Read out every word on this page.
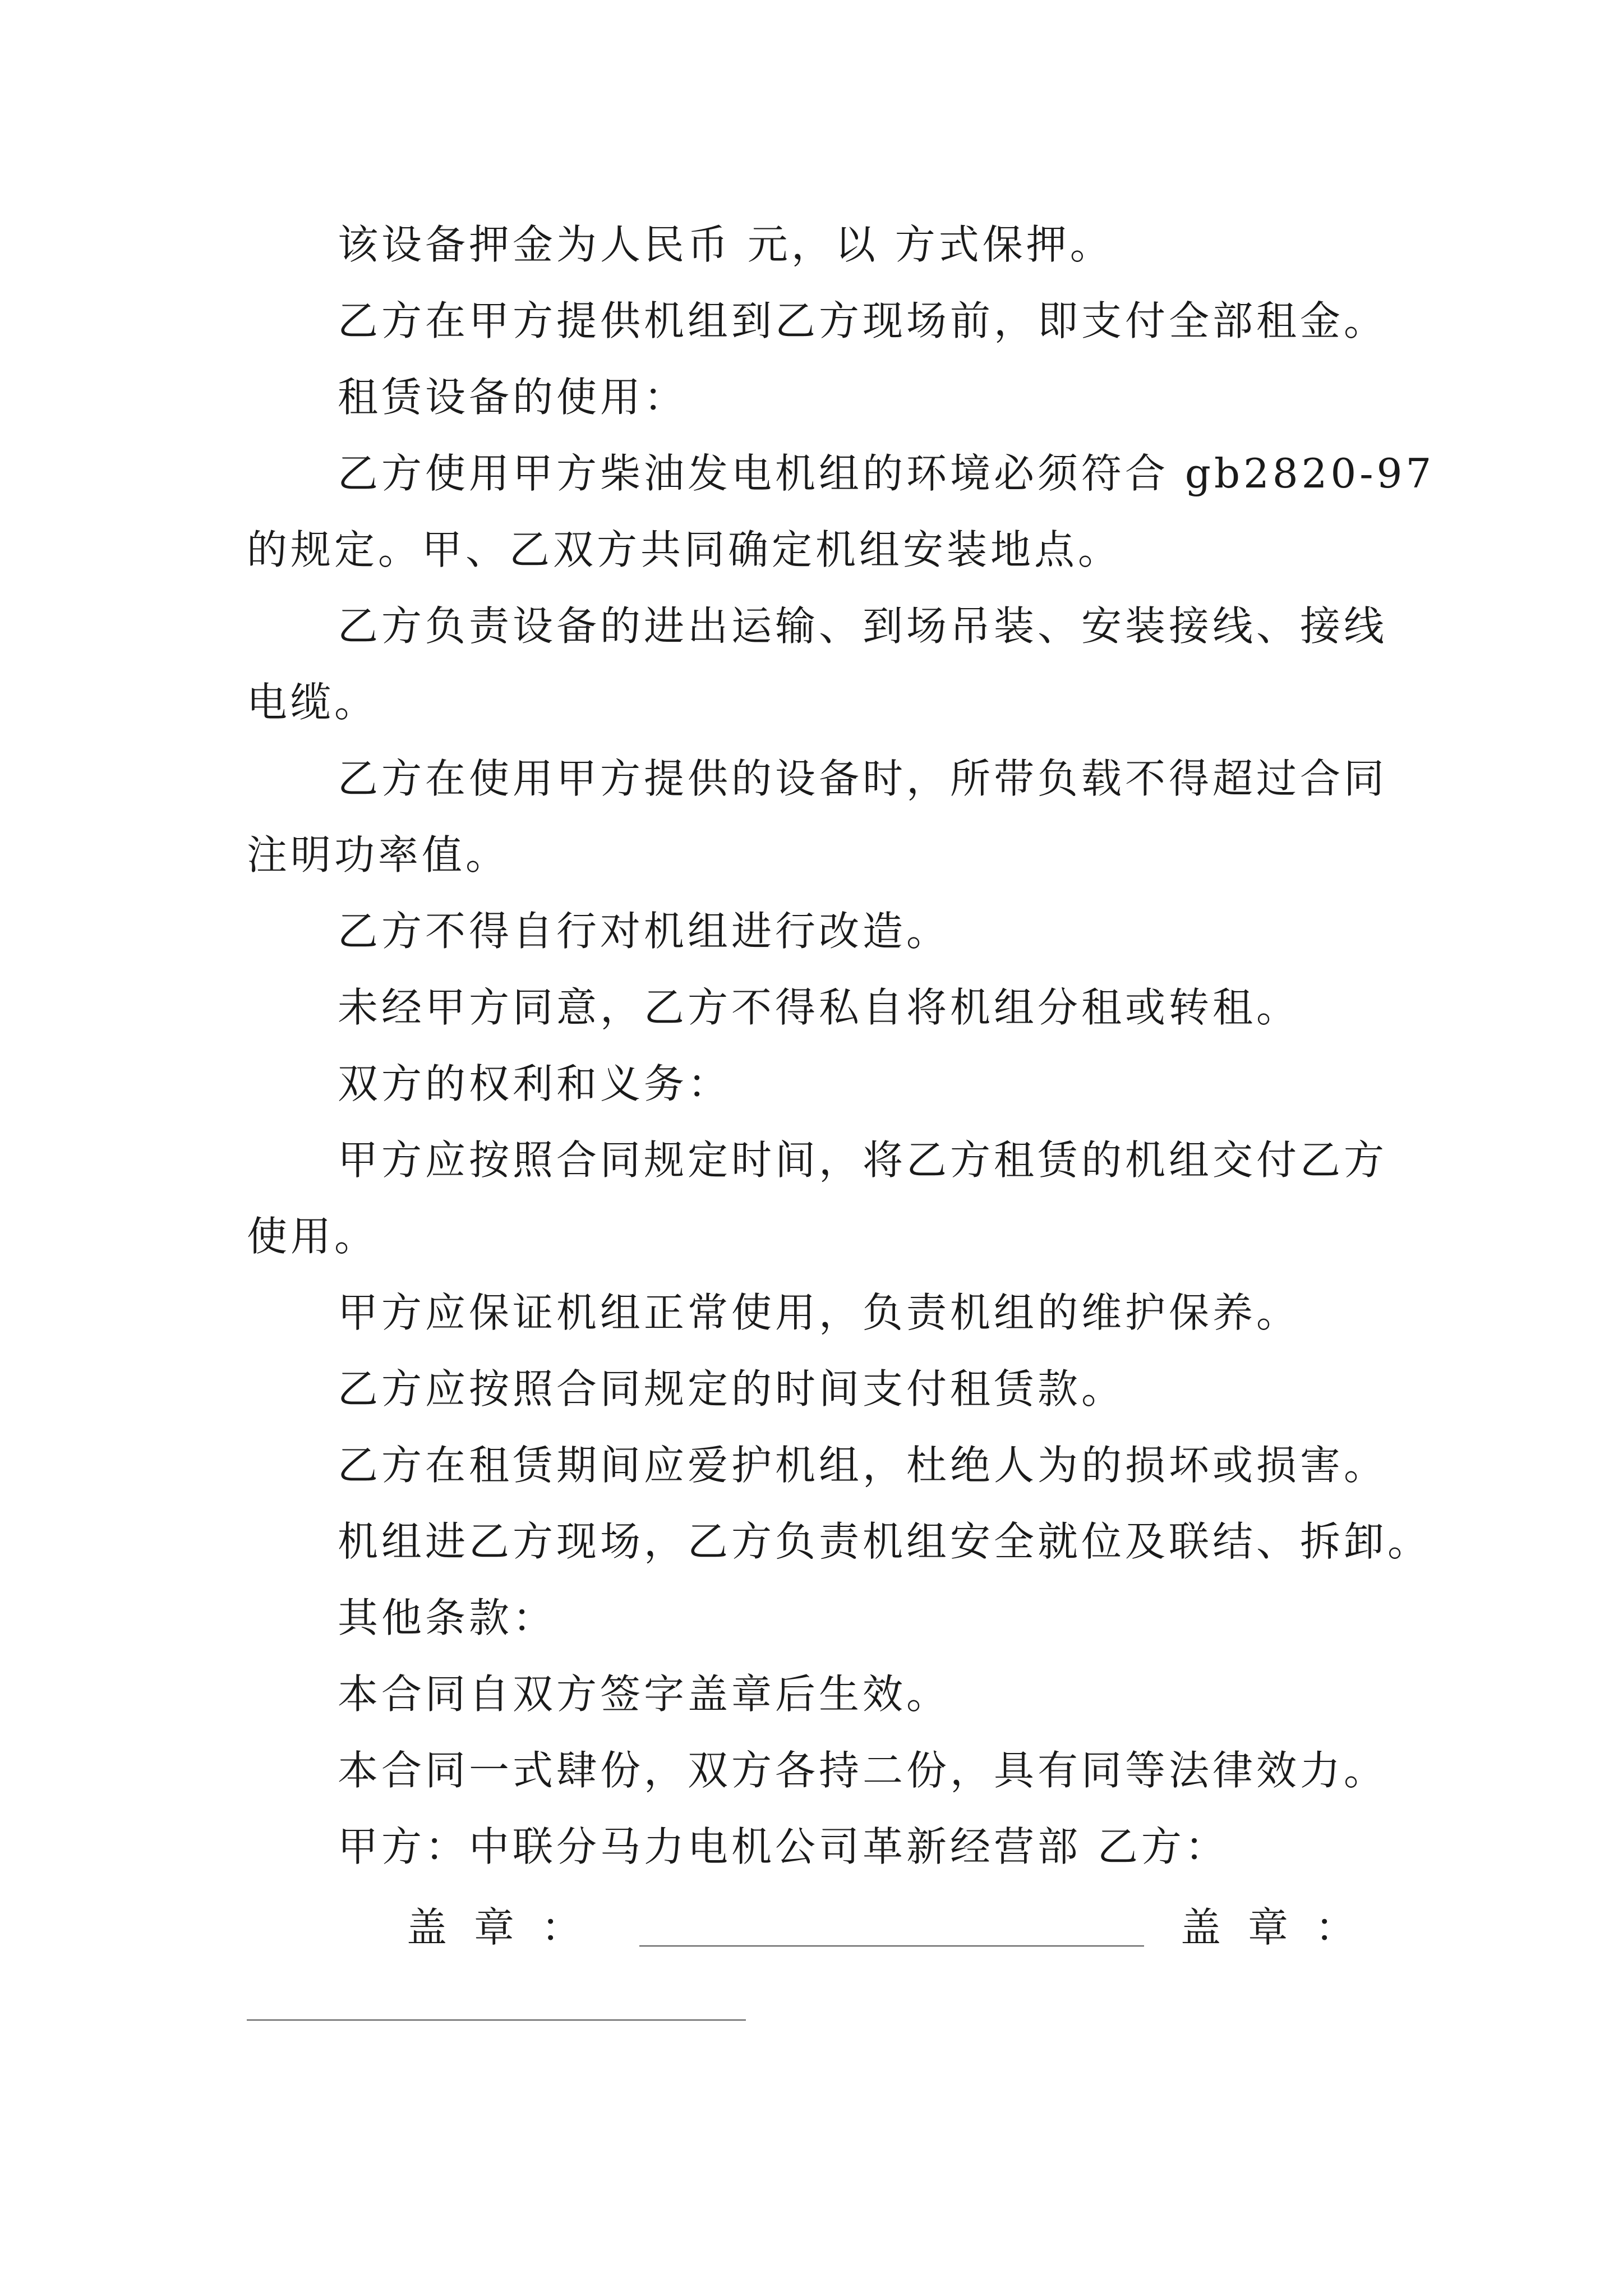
该设备押金为人民币 元，以 方式保押。

乙方在甲方提供机组到乙方现场前，即支付全部租金。

租赁设备的使用：

乙方使用甲方柴油发电机组的环境必须符合 gb2820-97
的规定。甲、乙双方共同确定机组安装地点。

乙方负责设备的进出运输、到场吊装、安装接线、接线
电缆。

乙方在使用甲方提供的设备时，所带负载不得超过合同
注明功率值。

乙方不得自行对机组进行改造。

未经甲方同意，乙方不得私自将机组分租或转租。

双方的权利和义务：

甲方应按照合同规定时间，将乙方租赁的机组交付乙方
使用。

甲方应保证机组正常使用，负责机组的维护保养。

乙方应按照合同规定的时间支付租赁款。

乙方在租赁期间应爱护机组，杜绝人为的损坏或损害。

机组进乙方现场，乙方负责机组安全就位及联结、拆卸。

其他条款：

本合同自双方签字盖章后生效。

本合同一式肆份，双方各持二份，具有同等法律效力。

甲方：中联分马力电机公司革新经营部 乙方：

盖章：	盖章：
